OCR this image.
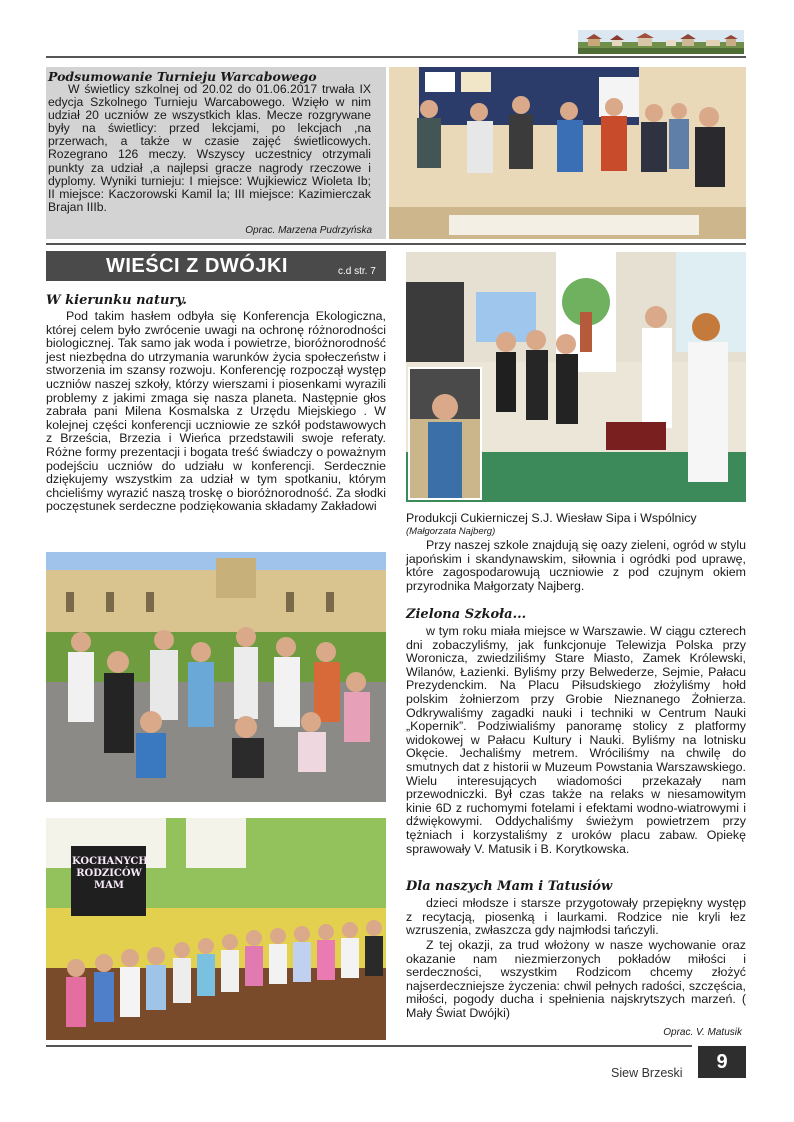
Podsumowanie Turnieju Warcabowego

W świetlicy szkolnej od 20.02 do 01.06.2017 trwała IX edycja Szkolnego Turnieju Warcabowego. Wzięło w nim udział 20 uczniów ze wszystkich klas. Mecze rozgrywane były na świetlicy: przed lekcjami, po lekcjach ,na przerwach, a także w czasie zajęć świetlicowych. Rozegrano 126 meczy. Wszyscy uczestnicy otrzymali punkty za udział ,a najlepsi gracze nagrody rzeczowe i dyplomy. Wyniki turnieju: I miejsce: Wujkiewicz Wioleta Ib; II miejsce: Kaczorowski Kamil Ia; III miejsce: Kazimierczak Brajan IIIb.

Oprac. Marzena Pudrzyńska
WIEŚCI Z DWÓJKI	c.d str. 7
W kierunku natury.

Pod takim hasłem odbyła się Konferencja Ekologiczna, której celem było zwrócenie uwagi na ochronę różnorodności biologicznej. Tak samo jak woda i powietrze, bioróżnorodność jest niezbędna do utrzymania warunków życia społeczeństw i stworzenia im szansy rozwoju. Konferencję rozpoczął występ uczniów naszej szkoły, którzy wierszami i piosenkami wyrazili problemy z jakimi zmaga się nasza planeta. Następnie głos zabrała pani Milena Kosmalska z Urzędu Miejskiego . W kolejnej części konferencji uczniowie ze szkół podstawowych z Brześcia, Brzezia i Wieńca przedstawili swoje referaty. Różne formy prezentacji i bogata treść świadczy o poważnym podejściu uczniów do udziału w konferencji. Serdecznie dziękujemy wszystkim za udział w tym spotkaniu, którym chcieliśmy wyrazić naszą troskę o bioróżnorodność. Za słodki poczęstunek serdeczne podziękowania składamy Zakładowi

KOCHANYCH RODZICÓW MAM

Produkcji Cukierniczej S.J. Wiesław Sipa i Wspólnicy

(Małgorzata Najberg)

Przy naszej szkole znajdują się oazy zieleni, ogród w stylu japońskim i skandynawskim, siłownia i ogródki pod uprawę, które zagospodarowują uczniowie z pod czujnym okiem przyrodnika Małgorzaty Najberg.

Zielona Szkoła...

w tym roku miała miejsce w Warszawie. W ciągu czterech dni zobaczyliśmy, jak funkcjonuje Telewizja Polska przy Woronicza, zwiedziliśmy Stare Miasto, Zamek Królewski, Wilanów, Łazienki. Byliśmy przy Belwederze, Sejmie, Pałacu Prezydenckim. Na Placu Piłsudskiego złożyliśmy hołd polskim żołnierzom przy Grobie Nieznanego Żołnierza. Odkrywaliśmy zagadki nauki i techniki w Centrum Nauki „Kopernik”. Podziwialiśmy panoramę stolicy z platformy widokowej w Pałacu Kultury i Nauki. Byliśmy na lotnisku Okęcie. Jechaliśmy metrem. Wróciliśmy na chwilę do smutnych dat z historii w Muzeum Powstania Warszawskiego. Wielu interesujących wiadomości przekazały nam przewodniczki. Był czas także na relaks w niesamowitym kinie 6D z ruchomymi fotelami i efektami wodno-wiatrowymi i dźwiękowymi. Oddychaliśmy świeżym powietrzem przy tężniach i korzystaliśmy z uroków placu zabaw. Opiekę sprawowały V. Matusik i B. Korytkowska.

Dla naszych Mam i Tatusiów

dzieci młodsze i starsze przygotowały przepiękny występ z recytacją, piosenką i laurkami. Rodzice nie kryli łez wzruszenia, zwłaszcza gdy najmłodsi tańczyli.

Z tej okazji, za trud włożony w nasze wychowanie oraz okazanie nam niezmierzonych pokładów miłości i serdeczności, wszystkim Rodzicom chcemy złożyć najserdeczniejsze życzenia: chwil pełnych radości, szczęścia, miłości, pogody ducha i spełnienia najskrytszych marzeń. ( Mały Świat Dwójki)

Oprac. V. Matusik
Siew Brzeski	9
